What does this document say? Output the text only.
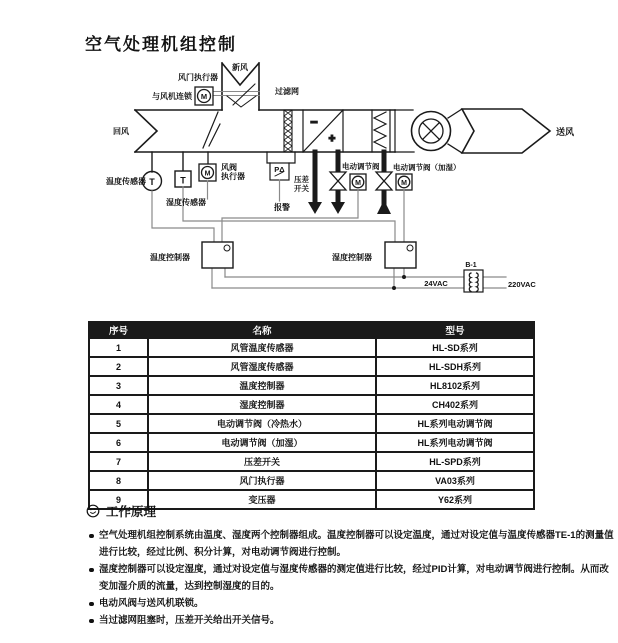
空气处理机组控制
−
+
M
T	T
M	PΔ
M	M
新风
风门执行器
与风机连锁
过滤网
回风
温度传感器
湿度传感器
风阀
执行器	压差
开关
报警
电动调节阀 电动调节阀（加湿）
送风
温度控制器	湿度控制器
B-1
24VAC	220VAC
序号	名称	型号
1	风管温度传感器	HL-SD系列
2	风管湿度传感器	HL-SDH系列
3	温度控制器	HL8102系列
4	湿度控制器	CH402系列
5	电动调节阀（冷热水）	HL系列电动调节阀
6	电动调节阀（加湿）	HL系列电动调节阀
7	压差开关	HL-SPD系列
8	风门执行器	VA03系列
9	变压器	Y62系列
工作原理
空气处理机组控制系统由温度、湿度两个控制器组成。温度控制器可以设定温度，通过对设定值与温度传感器TE-1的测量值进行比较，经过比例、积分计算，对电动调节阀进行控制。
湿度控制器可以设定湿度，通过对设定值与湿度传感器的测定值进行比较，经过PID计算，对电动调节阀进行控制。从而改变加湿介质的流量，达到控制湿度的目的。
电动风阀与送风机联锁。
当过滤网阻塞时，压差开关给出开关信号。
